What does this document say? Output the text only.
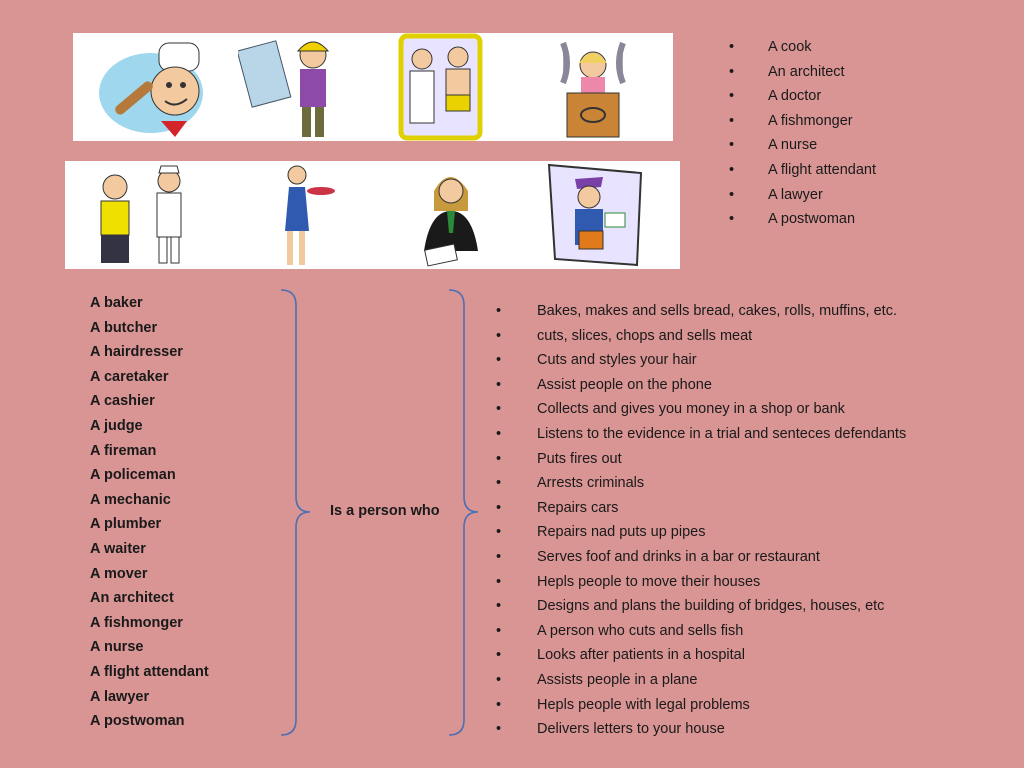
• A cook
• An architect
• A doctor
• A fishmonger
• A nurse
• A flight attendant
• A lawyer
• A postwoman
A baker
A butcher
A hairdresser
A caretaker
A cashier
A judge
A fireman
A policeman
A mechanic
A plumber
A waiter
A mover
An architect
A fishmonger
A nurse
A flight attendant
A lawyer
A postwoman
Is a person who
• Bakes, makes and sells bread, cakes, rolls, muffins, etc.
• cuts, slices, chops and sells meat
• Cuts and styles your hair
• Assist people on the phone
• Collects and gives you money in a shop or bank
• Listens to the evidence in a trial and senteces defendants
• Puts fires out
• Arrests criminals
• Repairs cars
• Repairs nad puts up pipes
• Serves foof and drinks in a bar or restaurant
• Hepls people to move their houses
• Designs and plans the building of bridges, houses, etc
• A person who cuts and sells fish
• Looks after patients in a hospital
• Assists people in a plane
• Hepls people with legal problems
• Delivers letters to your house
